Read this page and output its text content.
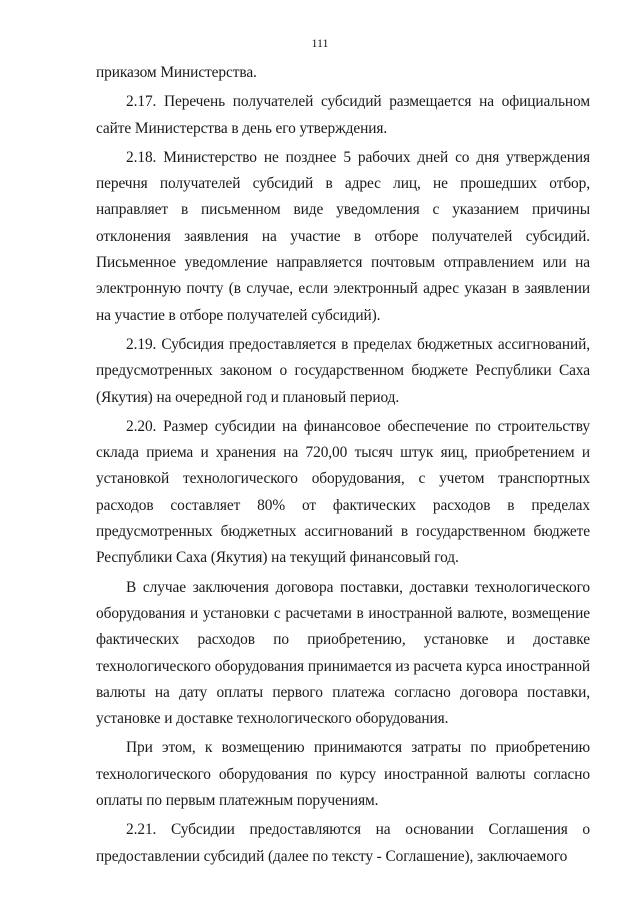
111

приказом Министерства.

2.17. Перечень получателей субсидий размещается на официальном сайте Министерства в день его утверждения.

2.18. Министерство не позднее 5 рабочих дней со дня утверждения перечня получателей субсидий в адрес лиц, не прошедших отбор, направляет в письменном виде уведомления с указанием причины отклонения заявления на участие в отборе получателей субсидий. Письменное уведомление направляется почтовым отправлением или на электронную почту (в случае, если электронный адрес указан в заявлении на участие в отборе получателей субсидий).

2.19. Субсидия предоставляется в пределах бюджетных ассигнований, предусмотренных законом о государственном бюджете Республики Саха (Якутия) на очередной год и плановый период.

2.20. Размер субсидии на финансовое обеспечение по строительству склада приема и хранения на 720,00 тысяч штук яиц, приобретением и установкой технологического оборудования, с учетом транспортных расходов составляет 80% от фактических расходов в пределах предусмотренных бюджетных ассигнований в государственном бюджете Республики Саха (Якутия) на текущий финансовый год.

В случае заключения договора поставки, доставки технологического оборудования и установки с расчетами в иностранной валюте, возмещение фактических расходов по приобретению, установке и доставке технологического оборудования принимается из расчета курса иностранной валюты на дату оплаты первого платежа согласно договора поставки, установке и доставке технологического оборудования.

При этом, к возмещению принимаются затраты по приобретению технологического оборудования по курсу иностранной валюты согласно оплаты по первым платежным поручениям.

2.21. Субсидии предоставляются на основании Соглашения о предоставлении субсидий (далее по тексту - Соглашение), заключаемого
